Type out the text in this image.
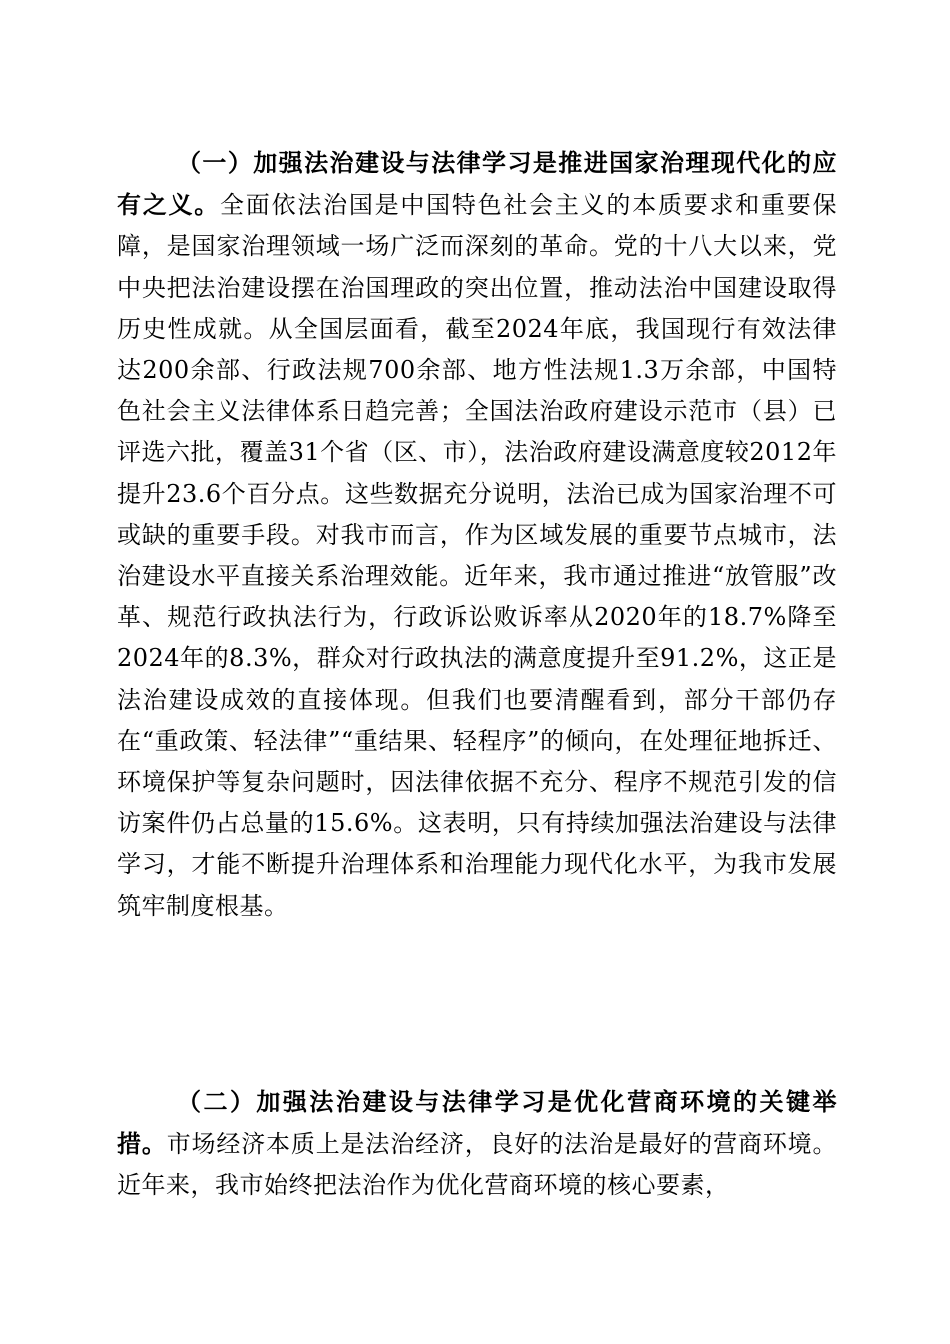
（一）加强法治建设与法律学习是推进国家治理现代化的应有之义。全面依法治国是中国特色社会主义的本质要求和重要保障，是国家治理领域一场广泛而深刻的革命。党的十八大以来，党中央把法治建设摆在治国理政的突出位置，推动法治中国建设取得历史性成就。从全国层面看，截至2024年底，我国现行有效法律达200余部、行政法规700余部、地方性法规1.3万余部，中国特色社会主义法律体系日趋完善；全国法治政府建设示范市（县）已评选六批，覆盖31个省（区、市），法治政府建设满意度较2012年提升23.6个百分点。这些数据充分说明，法治已成为国家治理不可或缺的重要手段。对我市而言，作为区域发展的重要节点城市，法治建设水平直接关系治理效能。近年来，我市通过推进“放管服”改革、规范行政执法行为，行政诉讼败诉率从2020年的18.7%降至2024年的8.3%，群众对行政执法的满意度提升至91.2%，这正是法治建设成效的直接体现。但我们也要清醒看到，部分干部仍存在“重政策、轻法律”“重结果、轻程序”的倾向，在处理征地拆迁、环境保护等复杂问题时，因法律依据不充分、程序不规范引发的信访案件仍占总量的15.6%。这表明，只有持续加强法治建设与法律学习，才能不断提升治理体系和治理能力现代化水平，为我市发展筑牢制度根基。

（二）加强法治建设与法律学习是优化营商环境的关键举措。市场经济本质上是法治经济，良好的法治是最好的营商环境。近年来，我市始终把法治作为优化营商环境的核心要素，
